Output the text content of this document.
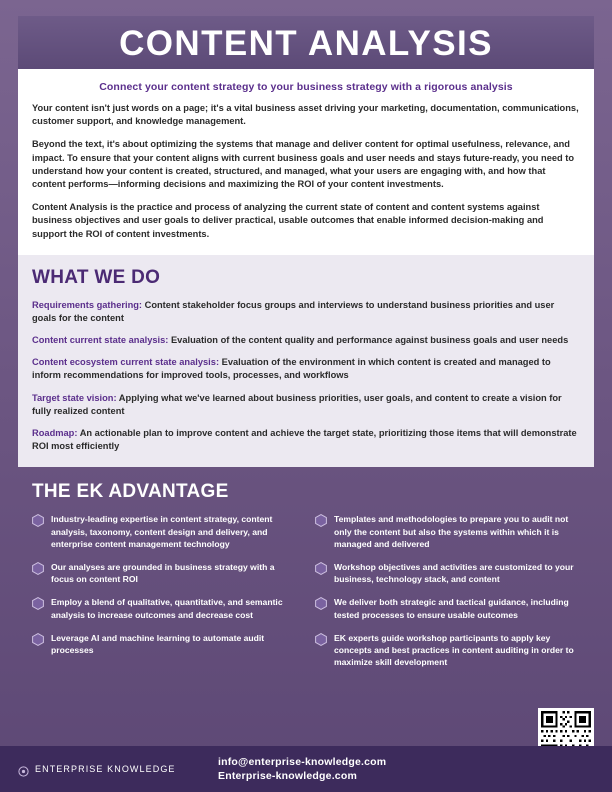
CONTENT ANALYSIS
Connect your content strategy to your business strategy with a rigorous analysis

Your content isn't just words on a page; it's a vital business asset driving your marketing, documentation, communications, customer support, and knowledge management.

Beyond the text, it's about optimizing the systems that manage and deliver content for optimal usefulness, relevance, and impact. To ensure that your content aligns with current business goals and user needs and stays future-ready, you need to understand how your content is created, structured, and managed, what your users are engaging with, and how that content performs—informing decisions and maximizing the ROI of your content investments.

Content Analysis is the practice and process of analyzing the current state of content and content systems against business objectives and user goals to deliver practical, usable outcomes that enable informed decision-making and support the ROI of content investments.

WHAT WE DO
Requirements gathering: Content stakeholder focus groups and interviews to understand business priorities and user goals for the content
Content current state analysis: Evaluation of the content quality and performance against business goals and user needs
Content ecosystem current state analysis: Evaluation of the environment in which content is created and managed to inform recommendations for improved tools, processes, and workflows
Target state vision: Applying what we've learned about business priorities, user goals, and content to create a vision for fully realized content
Roadmap: An actionable plan to improve content and achieve the target state, prioritizing those items that will demonstrate ROI most efficiently
THE EK ADVANTAGE
Industry-leading expertise in content strategy, content analysis, taxonomy, content design and delivery, and enterprise content management technology
Our analyses are grounded in business strategy with a focus on content ROI
Employ a blend of qualitative, quantitative, and semantic analysis to increase outcomes and decrease cost
Leverage AI and machine learning to automate audit processes
Templates and methodologies to prepare you to audit not only the content but also the systems within which it is managed and delivered
Workshop objectives and activities are customized to your business, technology stack, and content
We deliver both strategic and tactical guidance, including tested processes to ensure usable outcomes
EK experts guide workshop participants to apply key concepts and best practices in content auditing in order to maximize skill development
ENTERPRISE KNOWLEDGE
info@enterprise-knowledge.com
Enterprise-knowledge.com
